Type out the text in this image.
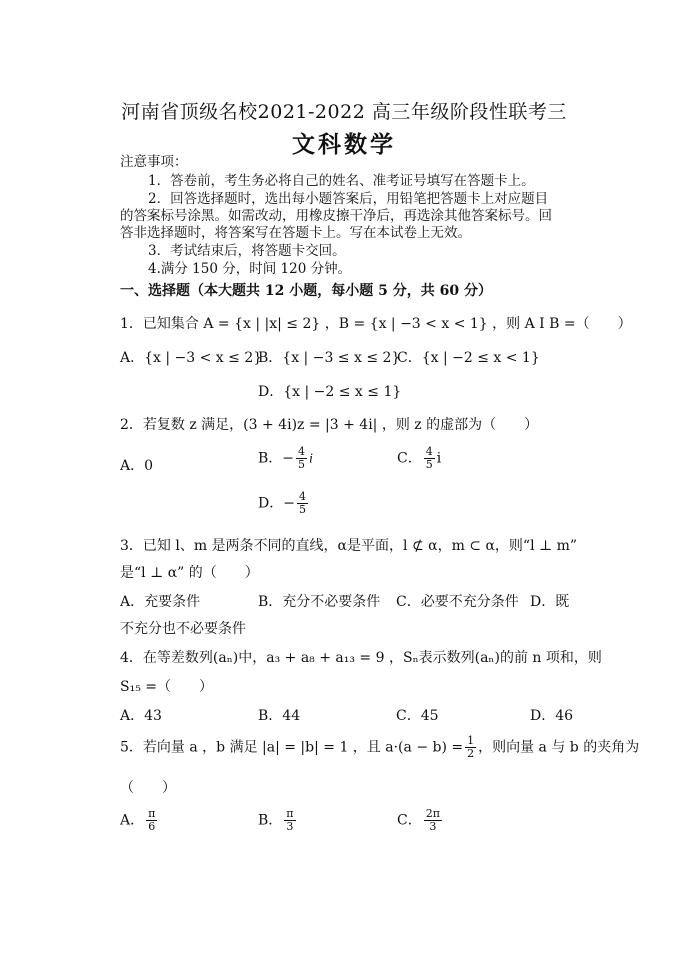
河南省顶级名校2021-2022 高三年级阶段性联考三
文科数学
注意事项：
1．答卷前，考生务必将自己的姓名、准考证号填写在答题卡上。
2．回答选择题时，选出每小题答案后，用铅笔把答题卡上对应题目
的答案标号涂黑。如需改动，用橡皮擦干净后，再选涂其他答案标号。回
答非选择题时，将答案写在答题卡上。写在本试卷上无效。
3．考试结束后，将答题卡交回。
4.满分 150 分，时间 120 分钟。
一、选择题（本大题共 12 小题，每小题 5 分，共 60 分）
1．已知集合 A = {x | |x| ≤ 2} ，B = {x | −3 < x < 1} ，则 A I B =（　　）
A．{x | −3 < x ≤ 2}
B．{x | −3 ≤ x ≤ 2}
C．{x | −2 ≤ x < 1}
D．{x | −2 ≤ x ≤ 1}
2．若复数 z 满足，(3 + 4i)z = |3 + 4i| ，则 z 的虚部为（　　）
A．0	B．− $\frac{4}{5}$ i	C． $\frac{4}{5}$ i
D．− $\frac{4}{5}$
3．已知 l、m 是两条不同的直线，α是平面，l ⊄ α，m ⊂ α，则“l ⊥ m”
是“l ⊥ α” 的（　　）
A．充要条件	B．充分不必要条件 C．必要不充分条件 D．既
不充分也不必要条件
4．在等差数列(aₙ)中，a₃ + a₈ + a₁₃ = 9 ，Sₙ表示数列(aₙ)的前 n 项和，则
S₁₅ =（　　）
A．43	B．44	C．45	D．46
5．若向量 a ，b 满足 |a| = |b| = 1 ，且 $a\cdot(a - b) = \frac{1}{2}$ ，则向量 a 与 b 的夹角为
（　　）
A． $\frac{\pi}{6}$	B． $\frac{\pi}{3}$	C． $\frac{2\pi}{3}$
